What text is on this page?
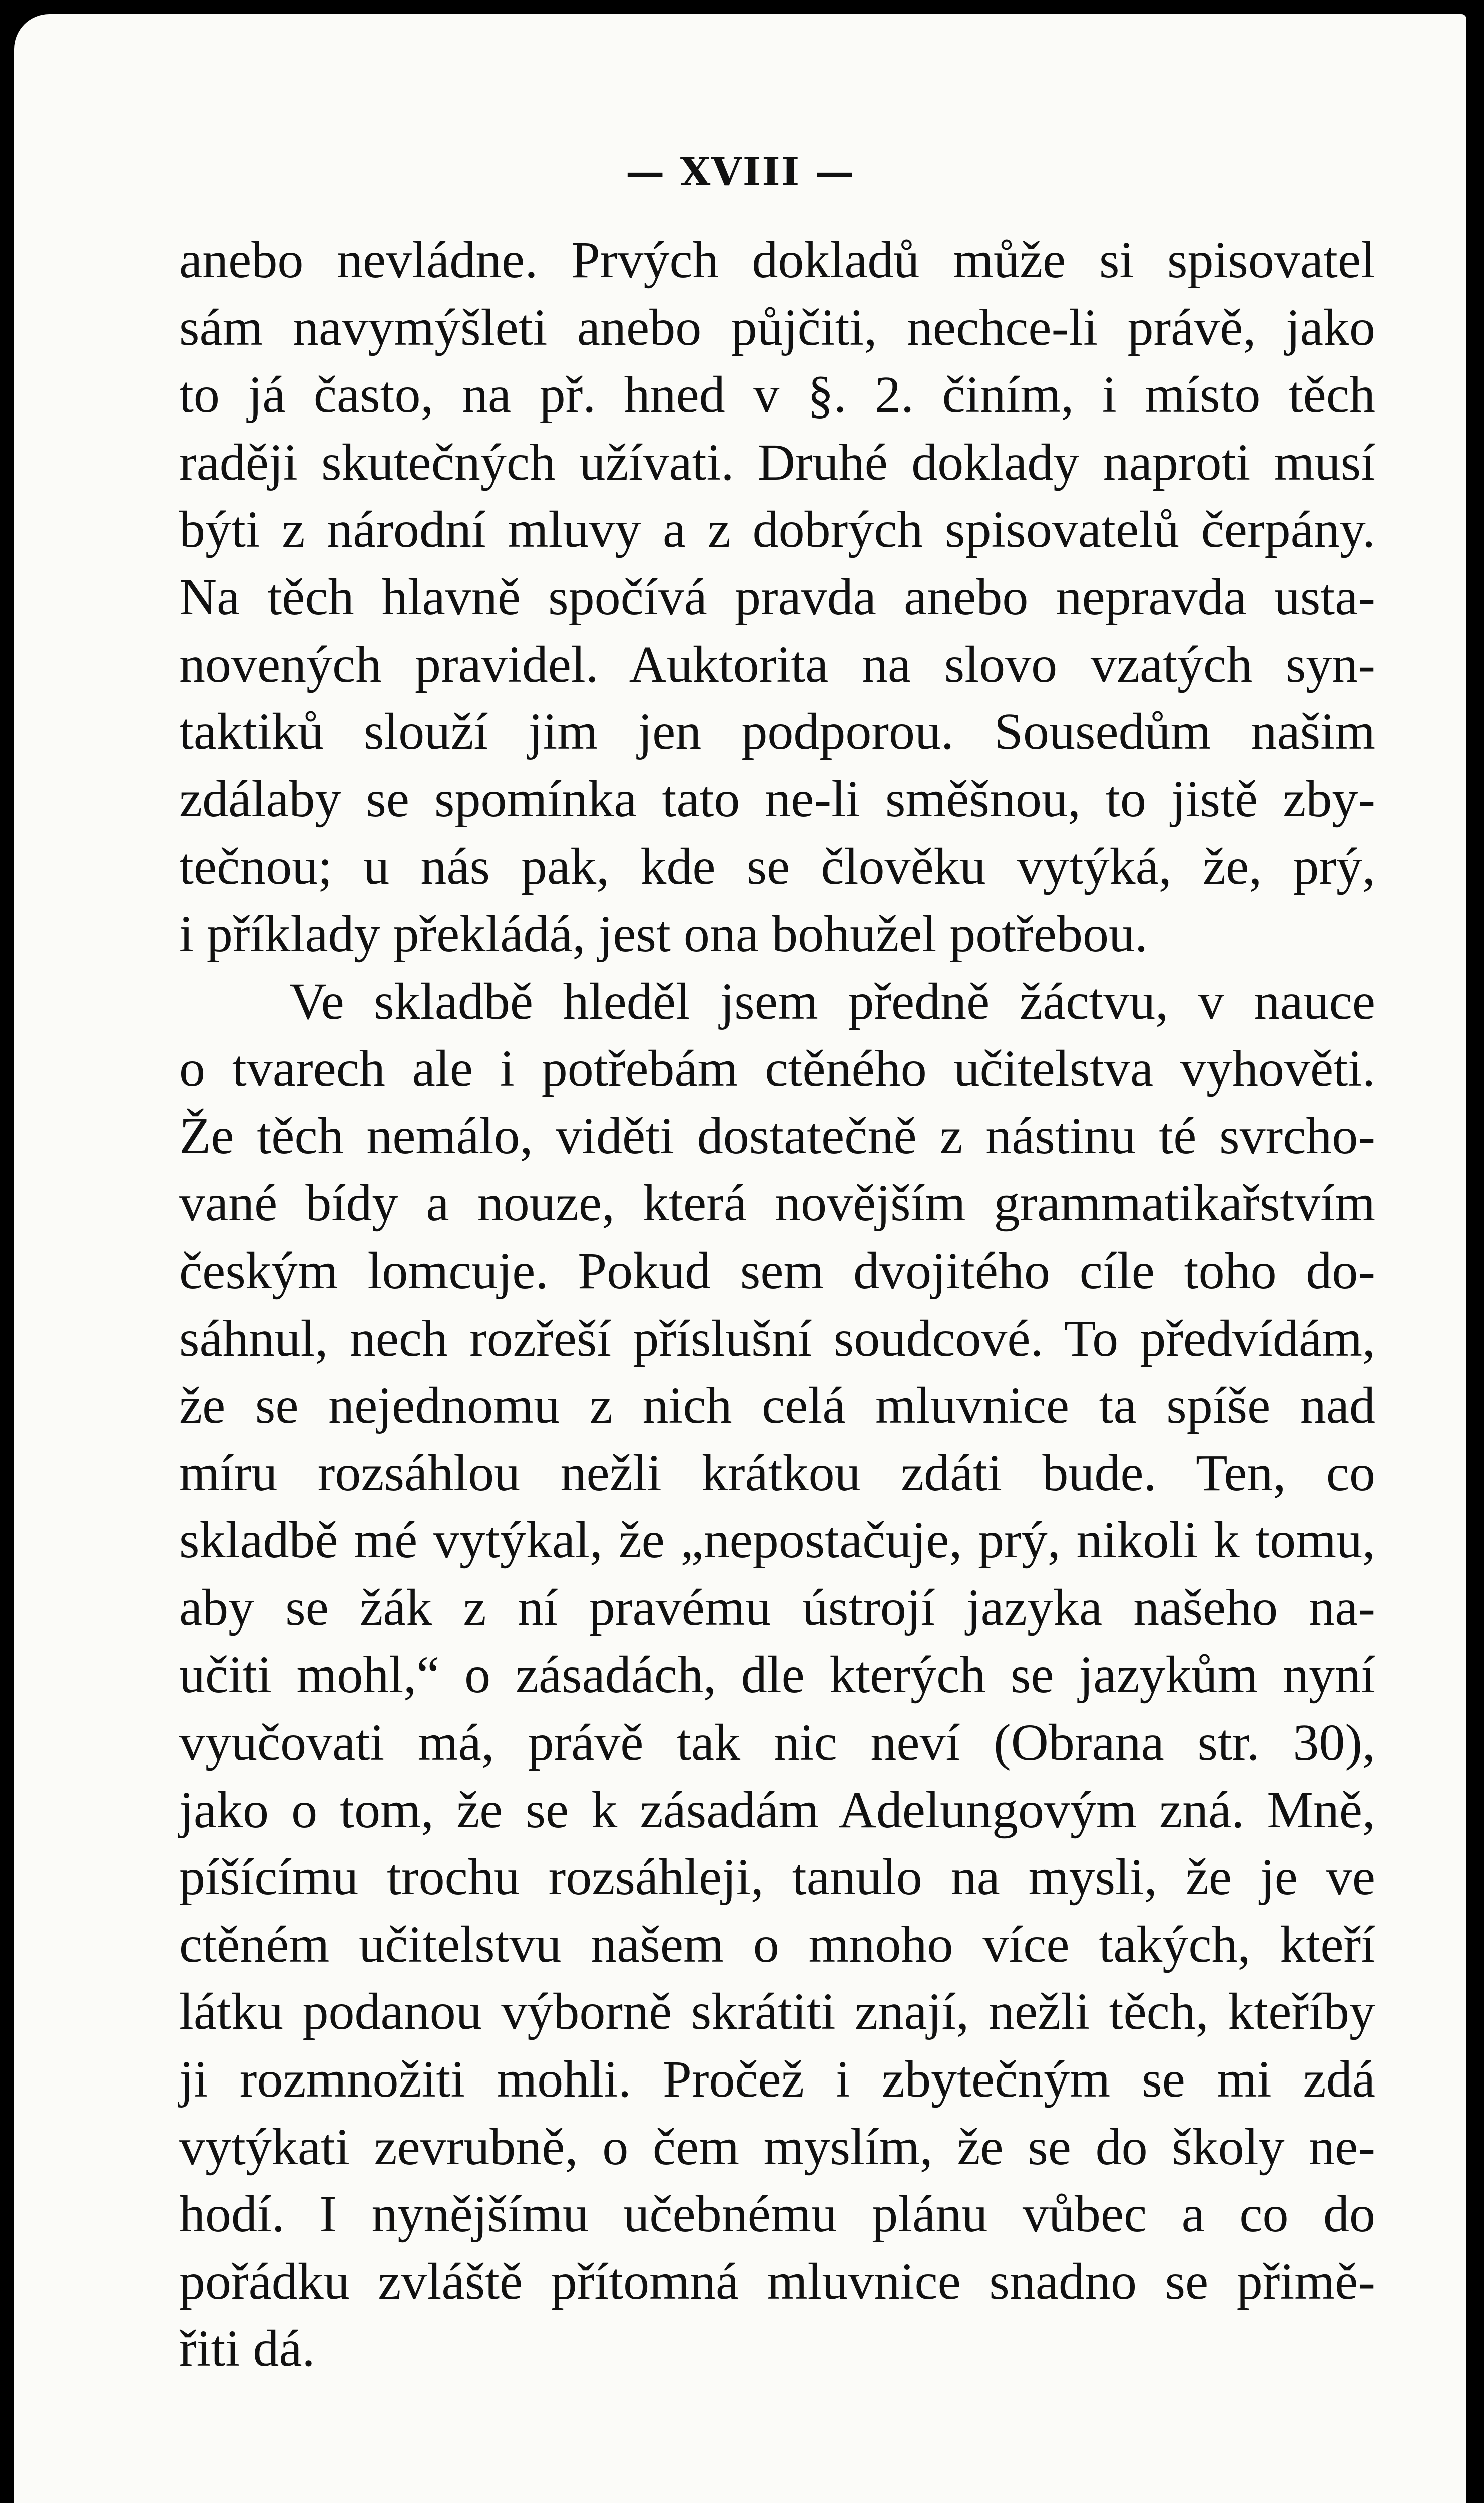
— XVIII —
anebo nevládne. Prvých dokladů může si spisovatel
sám navymýšleti anebo půjčiti, nechce-li právě, jako
to já často, na př. hned v §. 2. činím, i místo těch
raději skutečných užívati. Druhé doklady naproti musí
býti z národní mluvy a z dobrých spisovatelů čerpány.
Na těch hlavně spočívá pravda anebo nepravda usta-
novených pravidel. Auktorita na slovo vzatých syn-
taktiků slouží jim jen podporou. Sousedům našim
zdálaby se spomínka tato ne-li směšnou, to jistě zby-
tečnou; u nás pak, kde se člověku vytýká, že, prý,
i příklady překládá, jest ona bohužel potřebou.
Ve skladbě hleděl jsem předně žáctvu, v nauce
o tvarech ale i potřebám ctěného učitelstva vyhověti.
Že těch nemálo, viděti dostatečně z nástinu té svrcho-
vané bídy a nouze, která novějším grammatikařstvím
českým lomcuje. Pokud sem dvojitého cíle toho do-
sáhnul, nech rozřeší příslušní soudcové. To předvídám,
že se nejednomu z nich celá mluvnice ta spíše nad
míru rozsáhlou nežli krátkou zdáti bude. Ten, co
skladbě mé vytýkal, že „nepostačuje, prý, nikoli k tomu,
aby se žák z ní pravému ústrojí jazyka našeho na-
učiti mohl,“ o zásadách, dle kterých se jazykům nyní
vyučovati má, právě tak nic neví (Obrana str. 30),
jako o tom, že se k zásadám Adelungovým zná. Mně,
píšícímu trochu rozsáhleji, tanulo na mysli, že je ve
ctěném učitelstvu našem o mnoho více takých, kteří
látku podanou výborně skrátiti znají, nežli těch, kteříby
ji rozmnožiti mohli. Pročež i zbytečným se mi zdá
vytýkati zevrubně, o čem myslím, že se do školy ne-
hodí. I nynějšímu učebnému plánu vůbec a co do
pořádku zvláště přítomná mluvnice snadno se přimě-
řiti dá.
